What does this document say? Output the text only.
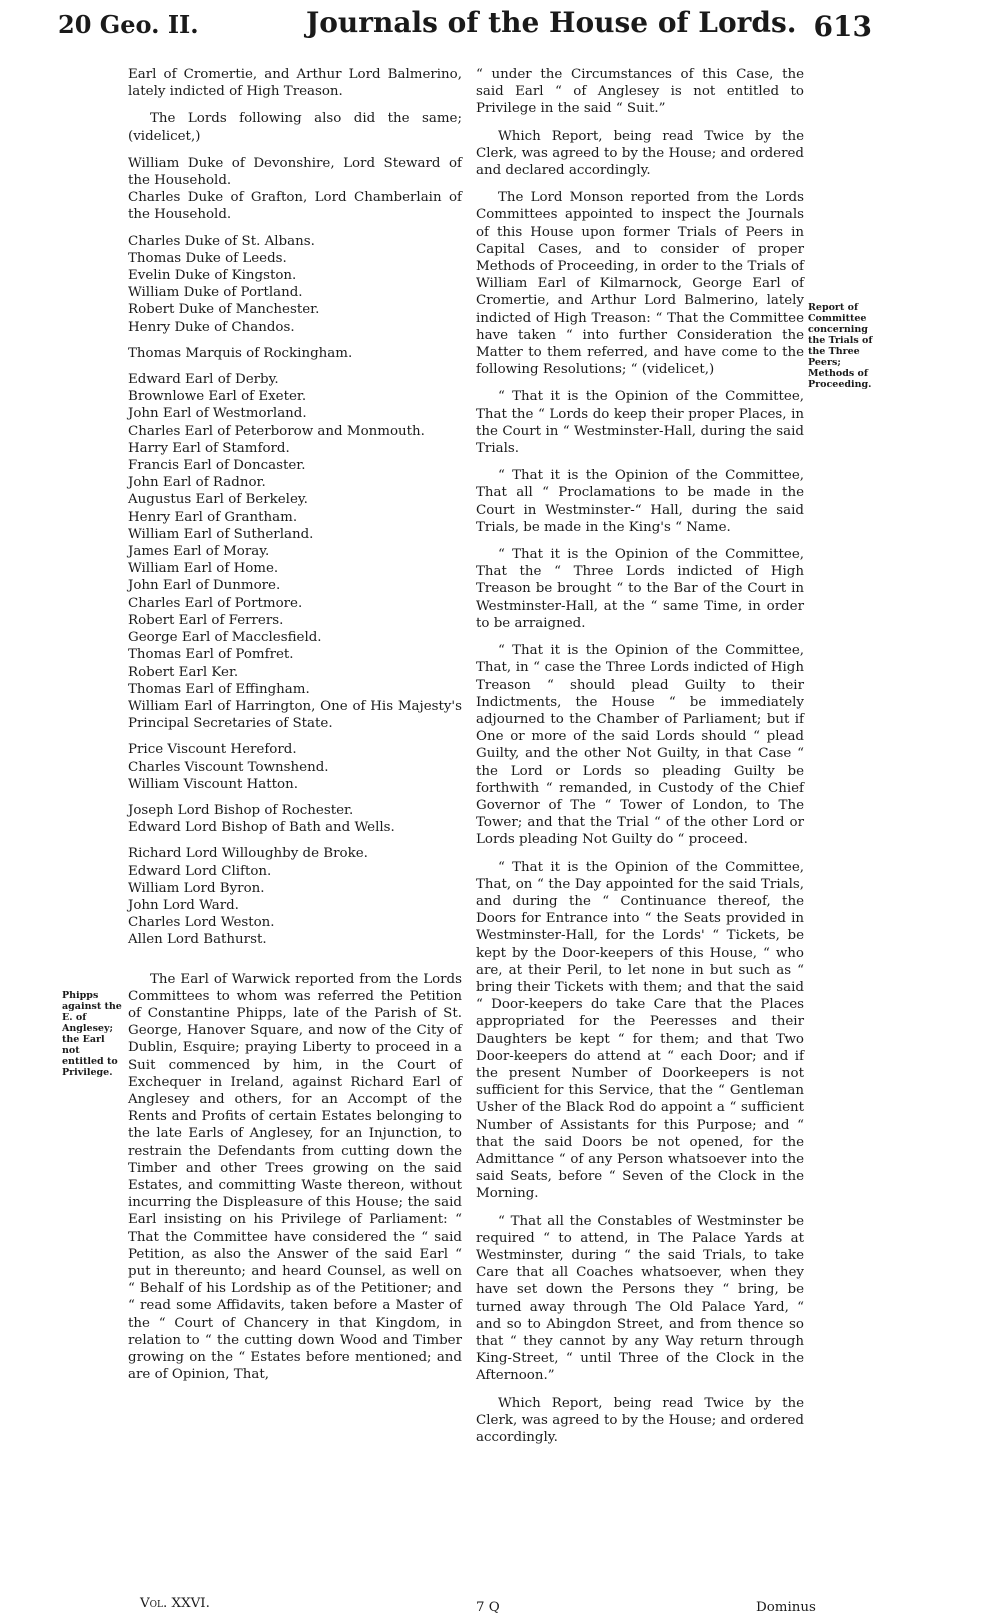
20 Geo. II.	Journals of the House of Lords. 613

Earl of Cromertie, and Arthur Lord Balmerino, lately indicted of High Treason.

The Lords following also did the same; (videlicet,)

William Duke of Devonshire, Lord Steward of the Household.
Charles Duke of Grafton, Lord Chamberlain of the Household.
Charles Duke of St. Albans.
Thomas Duke of Leeds.
Evelin Duke of Kingston.
William Duke of Portland.
Robert Duke of Manchester.
Henry Duke of Chandos.
Thomas Marquis of Rockingham.
Edward Earl of Derby.
Brownlowe Earl of Exeter.
John Earl of Westmorland.
Charles Earl of Peterborow and Monmouth.
Harry Earl of Stamford.
Francis Earl of Doncaster.
John Earl of Radnor.
Augustus Earl of Berkeley.
Henry Earl of Grantham.
William Earl of Sutherland.
James Earl of Moray.
William Earl of Home.
John Earl of Dunmore.
Charles Earl of Portmore.
Robert Earl of Ferrers.
George Earl of Macclesfield.
Thomas Earl of Pomfret.
Robert Earl Ker.
Thomas Earl of Effingham.
William Earl of Harrington, One of His Majesty's Principal Secretaries of State.
Price Viscount Hereford.
Charles Viscount Townshend.
William Viscount Hatton.
Joseph Lord Bishop of Rochester.
Edward Lord Bishop of Bath and Wells.
Richard Lord Willoughby de Broke.
Edward Lord Clifton.
William Lord Byron.
John Lord Ward.
Charles Lord Weston.
Allen Lord Bathurst.

The Earl of Warwick reported from the Lords Committees to whom was referred the Petition of Constantine Phipps, late of the Parish of St. George, Hanover Square, and now of the City of Dublin, Esquire; praying Liberty to proceed in a Suit commenced by him, in the Court of Exchequer in Ireland, against Richard Earl of Anglesey and others, for an Accompt of the Rents and Profits of certain Estates belonging to the late Earls of Anglesey, for an Injunction, to restrain the Defendants from cutting down the Timber and other Trees growing on the said Estates, and committing Waste thereon, without incurring the Displeasure of this House; the said Earl insisting on his Privilege of Parliament: “ That the Committee have considered the “ said Petition, as also the Answer of the said Earl “ put in thereunto; and heard Counsel, as well on “ Behalf of his Lordship as of the Petitioner; and “ read some Affidavits, taken before a Master of the “ Court of Chancery in that Kingdom, in relation to “ the cutting down Wood and Timber growing on the “ Estates before mentioned; and are of Opinion, That,

Phipps against the E. of Anglesey; the Earl not entitled to Privilege.

“ under the Circumstances of this Case, the said Earl “ of Anglesey is not entitled to Privilege in the said “ Suit.”

Which Report, being read Twice by the Clerk, was agreed to by the House; and ordered and declared accordingly.

The Lord Monson reported from the Lords Committees appointed to inspect the Journals of this House upon former Trials of Peers in Capital Cases, and to consider of proper Methods of Proceeding, in order to the Trials of William Earl of Kilmarnock, George Earl of Cromertie, and Arthur Lord Balmerino, lately indicted of High Treason: “ That the Committee have taken “ into further Consideration the Matter to them referred, and have come to the following Resolutions; “ (videlicet,)

“ That it is the Opinion of the Committee, That the “ Lords do keep their proper Places, in the Court in “ Westminster-Hall, during the said Trials.

“ That it is the Opinion of the Committee, That all “ Proclamations to be made in the Court in Westminster-“ Hall, during the said Trials, be made in the King's “ Name.

“ That it is the Opinion of the Committee, That the “ Three Lords indicted of High Treason be brought “ to the Bar of the Court in Westminster-Hall, at the “ same Time, in order to be arraigned.

“ That it is the Opinion of the Committee, That, in “ case the Three Lords indicted of High Treason “ should plead Guilty to their Indictments, the House “ be immediately adjourned to the Chamber of Parliament; but if One or more of the said Lords should “ plead Guilty, and the other Not Guilty, in that Case “ the Lord or Lords so pleading Guilty be forthwith “ remanded, in Custody of the Chief Governor of The “ Tower of London, to The Tower; and that the Trial “ of the other Lord or Lords pleading Not Guilty do “ proceed.

“ That it is the Opinion of the Committee, That, on “ the Day appointed for the said Trials, and during the “ Continuance thereof, the Doors for Entrance into “ the Seats provided in Westminster-Hall, for the Lords' “ Tickets, be kept by the Door-keepers of this House, “ who are, at their Peril, to let none in but such as “ bring their Tickets with them; and that the said “ Door-keepers do take Care that the Places appropriated for the Peeresses and their Daughters be kept “ for them; and that Two Door-keepers do attend at “ each Door; and if the present Number of Doorkeepers is not sufficient for this Service, that the “ Gentleman Usher of the Black Rod do appoint a “ sufficient Number of Assistants for this Purpose; and “ that the said Doors be not opened, for the Admittance “ of any Person whatsoever into the said Seats, before “ Seven of the Clock in the Morning.

“ That all the Constables of Westminster be required “ to attend, in The Palace Yards at Westminster, during “ the said Trials, to take Care that all Coaches whatsoever, when they have set down the Persons they “ bring, be turned away through The Old Palace Yard, “ and so to Abingdon Street, and from thence so that “ they cannot by any Way return through King-Street, “ until Three of the Clock in the Afternoon.”

Which Report, being read Twice by the Clerk, was agreed to by the House; and ordered accordingly.

Report of Committee concerning the Trials of the Three Peers; Methods of Proceeding.
Vol. XXVI.	7 Q	Dominus
